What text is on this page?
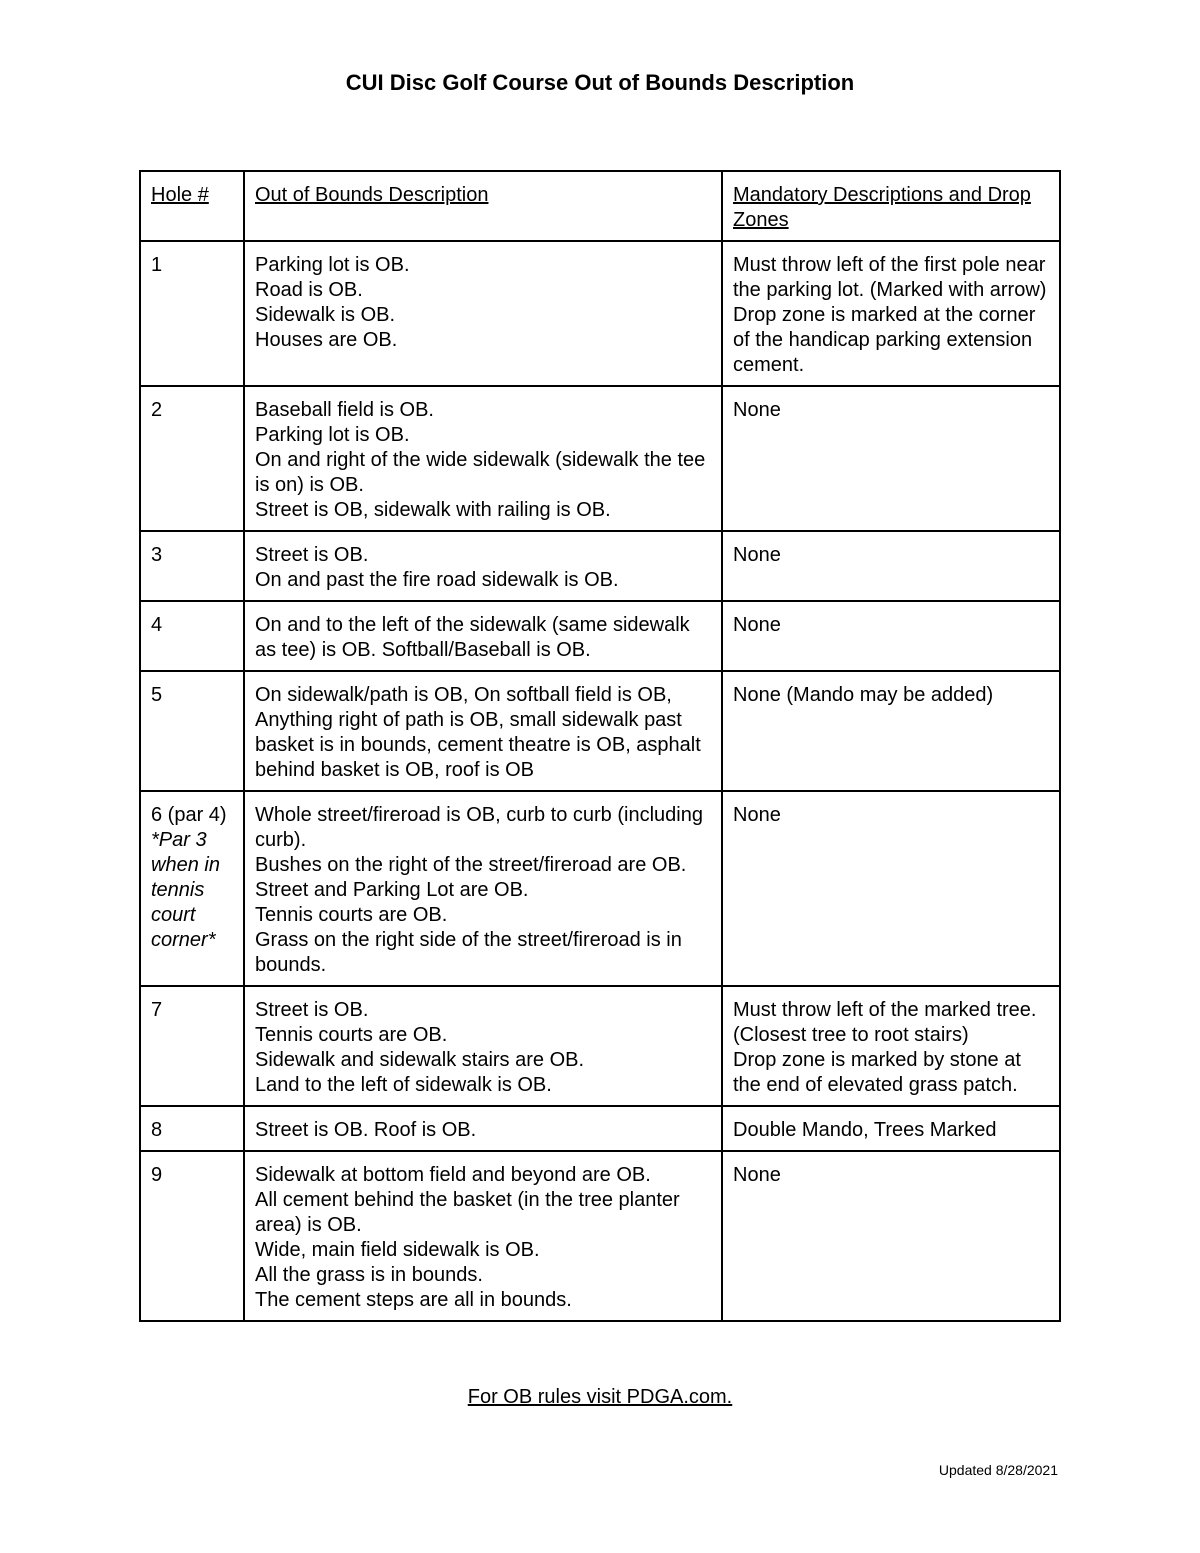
CUI Disc Golf Course Out of Bounds Description
Hole #	Out of Bounds Description	Mandatory Descriptions and Drop Zones

1	Parking lot is OB.
Road is OB.
Sidewalk is OB.
Houses are OB.	Must throw left of the first pole near the parking lot. (Marked with arrow)
Drop zone is marked at the corner of the handicap parking extension cement.

2	Baseball field is OB.
Parking lot is OB.
On and right of the wide sidewalk (sidewalk the tee is on) is OB.
Street is OB, sidewalk with railing is OB.	None

3	Street is OB.
On and past the fire road sidewalk is OB.	None

4	On and to the left of the sidewalk (same sidewalk as tee) is OB. Softball/Baseball is OB.	None

5	On sidewalk/path is OB, On softball field is OB, Anything right of path is OB, small sidewalk past basket is in bounds, cement theatre is OB, asphalt behind basket is OB, roof is OB	None (Mando may be added)

6 (par 4)
*Par 3 when in tennis court corner*	Whole street/fireroad is OB, curb to curb (including curb).
Bushes on the right of the street/fireroad are OB.
Street and Parking Lot are OB.
Tennis courts are OB.
Grass on the right side of the street/fireroad is in bounds.	None

7	Street is OB.
Tennis courts are OB.
Sidewalk and sidewalk stairs are OB.
Land to the left of sidewalk is OB.	Must throw left of the marked tree. (Closest tree to root stairs)
Drop zone is marked by stone at the end of elevated grass patch.

8	Street is OB. Roof is OB.	Double Mando, Trees Marked

9	Sidewalk at bottom field and beyond are OB.
All cement behind the basket (in the tree planter area) is OB.
Wide, main field sidewalk is OB.
All the grass is in bounds.
The cement steps are all in bounds.	None
For OB rules visit PDGA.com.
Updated 8/28/2021
